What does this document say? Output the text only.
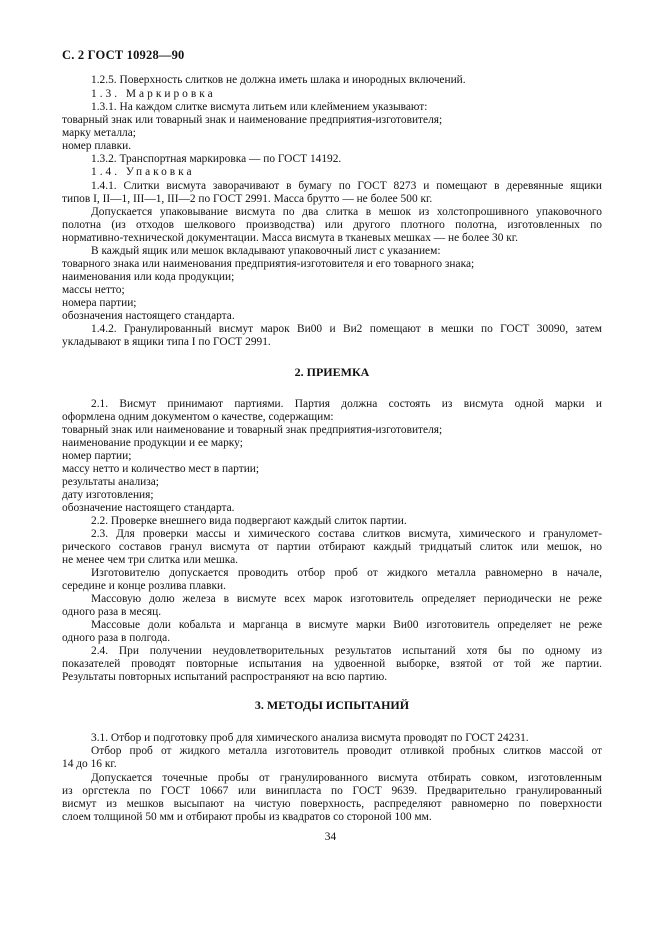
С. 2 ГОСТ 10928—90
1.2.5. Поверхность слитков не должна иметь шлака и инородных включений.
1.3. Маркировка
1.3.1. На каждом слитке висмута литьем или клеймением указывают:
товарный знак или товарный знак и наименование предприятия-изготовителя;
марку металла;
номер плавки.
1.3.2. Транспортная маркировка — по ГОСТ 14192.
1.4. Упаковка
1.4.1. Слитки висмута заворачивают в бумагу по ГОСТ 8273 и помещают в деревянные ящики
типов I, II—1, III—1, III—2 по ГОСТ 2991. Масса брутто — не более 500 кг.
Допускается упаковывание висмута по два слитка в мешок из холстопрошивного упаковочного
полотна (из отходов шелкового производства) или другого плотного полотна, изготовленных по
нормативно-технической документации. Масса висмута в тканевых мешках — не более 30 кг.
В каждый ящик или мешок вкладывают упаковочный лист с указанием:
товарного знака или наименования предприятия-изготовителя и его товарного знака;
наименования или кода продукции;
массы нетто;
номера партии;
обозначения настоящего стандарта.
1.4.2. Гранулированный висмут марок Ви00 и Ви2 помещают в мешки по ГОСТ 30090, затем
укладывают в ящики типа I по ГОСТ 2991.
2.1. Висмут принимают партиями. Партия должна состоять из висмута одной марки и
оформлена одним документом о качестве, содержащим:
товарный знак или наименование и товарный знак предприятия-изготовителя;
наименование продукции и ее марку;
номер партии;
массу нетто и количество мест в партии;
результаты анализа;
дату изготовления;
обозначение настоящего стандарта.
2.2. Проверке внешнего вида подвергают каждый слиток партии.
2.3. Для проверки массы и химического состава слитков висмута, химического и грануломет-
рического составов гранул висмута от партии отбирают каждый тридцатый слиток или мешок, но
не менее чем три слитка или мешка.
Изготовителю допускается проводить отбор проб от жидкого металла равномерно в начале,
середине и конце розлива плавки.
Массовую долю железа в висмуте всех марок изготовитель определяет периодически не реже
одного раза в месяц.
Массовые доли кобальта и марганца в висмуте марки Ви00 изготовитель определяет не реже
одного раза в полгода.
2.4. При получении неудовлетворительных результатов испытаний хотя бы по одному из
показателей проводят повторные испытания на удвоенной выборке, взятой от той же партии.
Результаты повторных испытаний распространяют на всю партию.
3.1. Отбор и подготовку проб для химического анализа висмута проводят по ГОСТ 24231.
Отбор проб от жидкого металла изготовитель проводит отливкой пробных слитков массой от
14 до 16 кг.
Допускается точечные пробы от гранулированного висмута отбирать совком, изготовленным
из оргстекла по ГОСТ 10667 или винипласта по ГОСТ 9639. Предварительно гранулированный
висмут из мешков высыпают на чистую поверхность, распределяют равномерно по поверхности
слоем толщиной 50 мм и отбирают пробы из квадратов со стороной 100 мм.
2. ПРИЕМКА
3. МЕТОДЫ ИСПЫТАНИЙ
34
